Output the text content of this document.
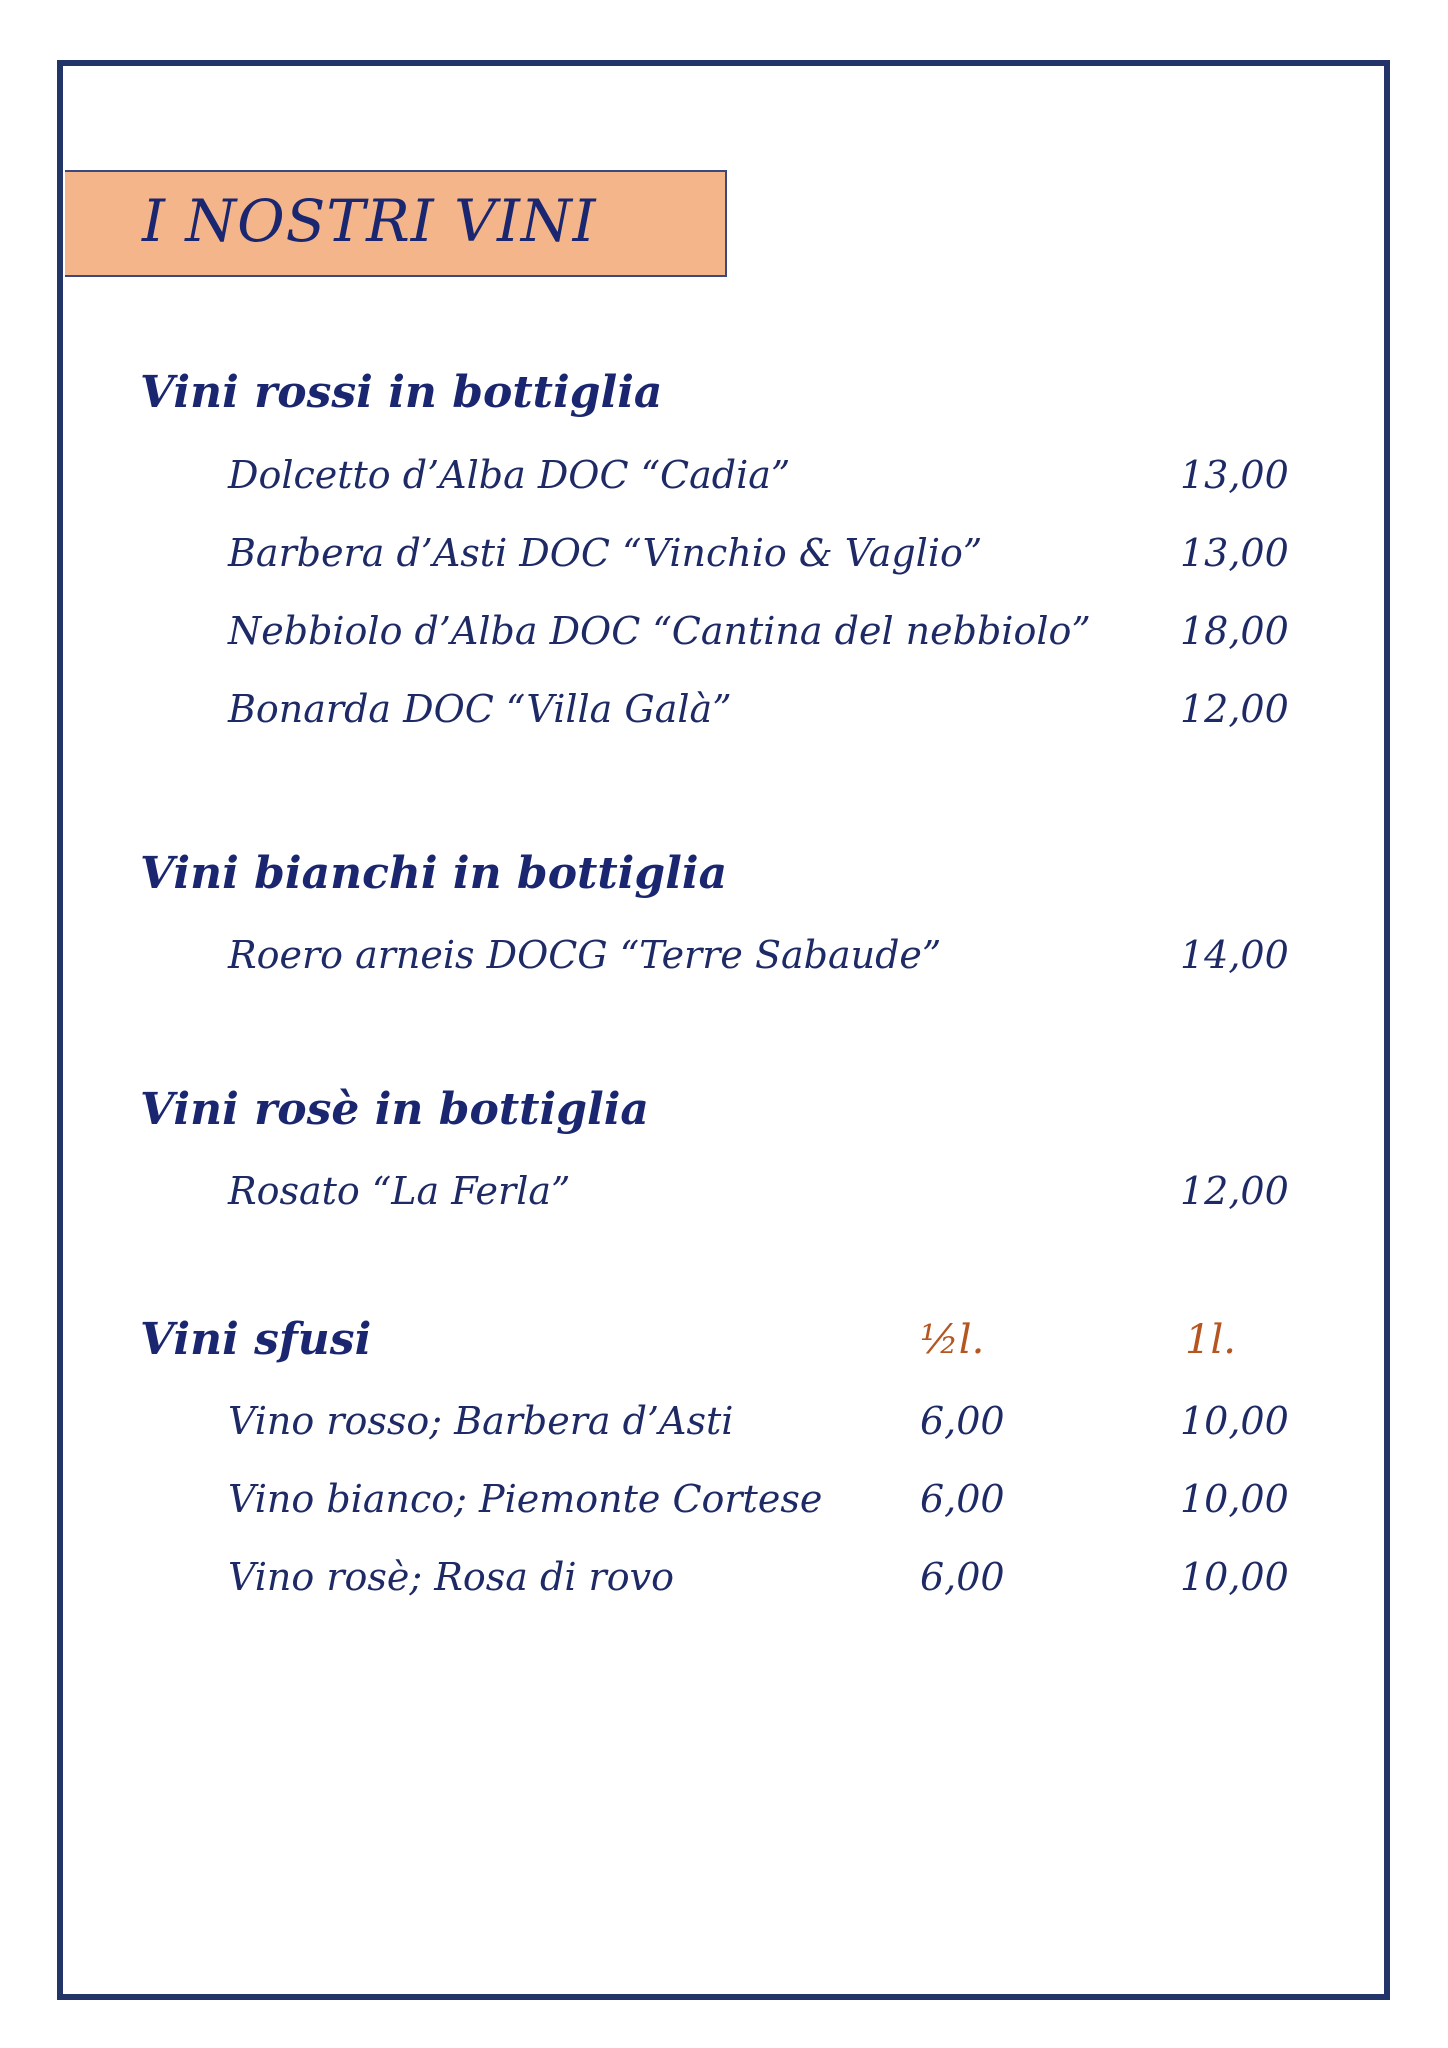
I NOSTRI VINI
Vini rossi in bottiglia
Dolcetto d’Alba DOC “Cadia”	13,00
Barbera d’Asti DOC “Vinchio & Vaglio”	13,00
Nebbiolo d’Alba DOC “Cantina del nebbiolo” 18,00
Bonarda DOC “Villa Galà”	12,00
Vini bianchi in bottiglia
Roero arneis DOCG “Terre Sabaude”	14,00
Vini rosè in bottiglia
Rosato “La Ferla”	12,00
Vini sfusi	½l.	1l.
Vino rosso; Barbera d’Asti	6,00	10,00
Vino bianco; Piemonte Cortese	6,00	10,00
Vino rosè; Rosa di rovo	6,00	10,00
